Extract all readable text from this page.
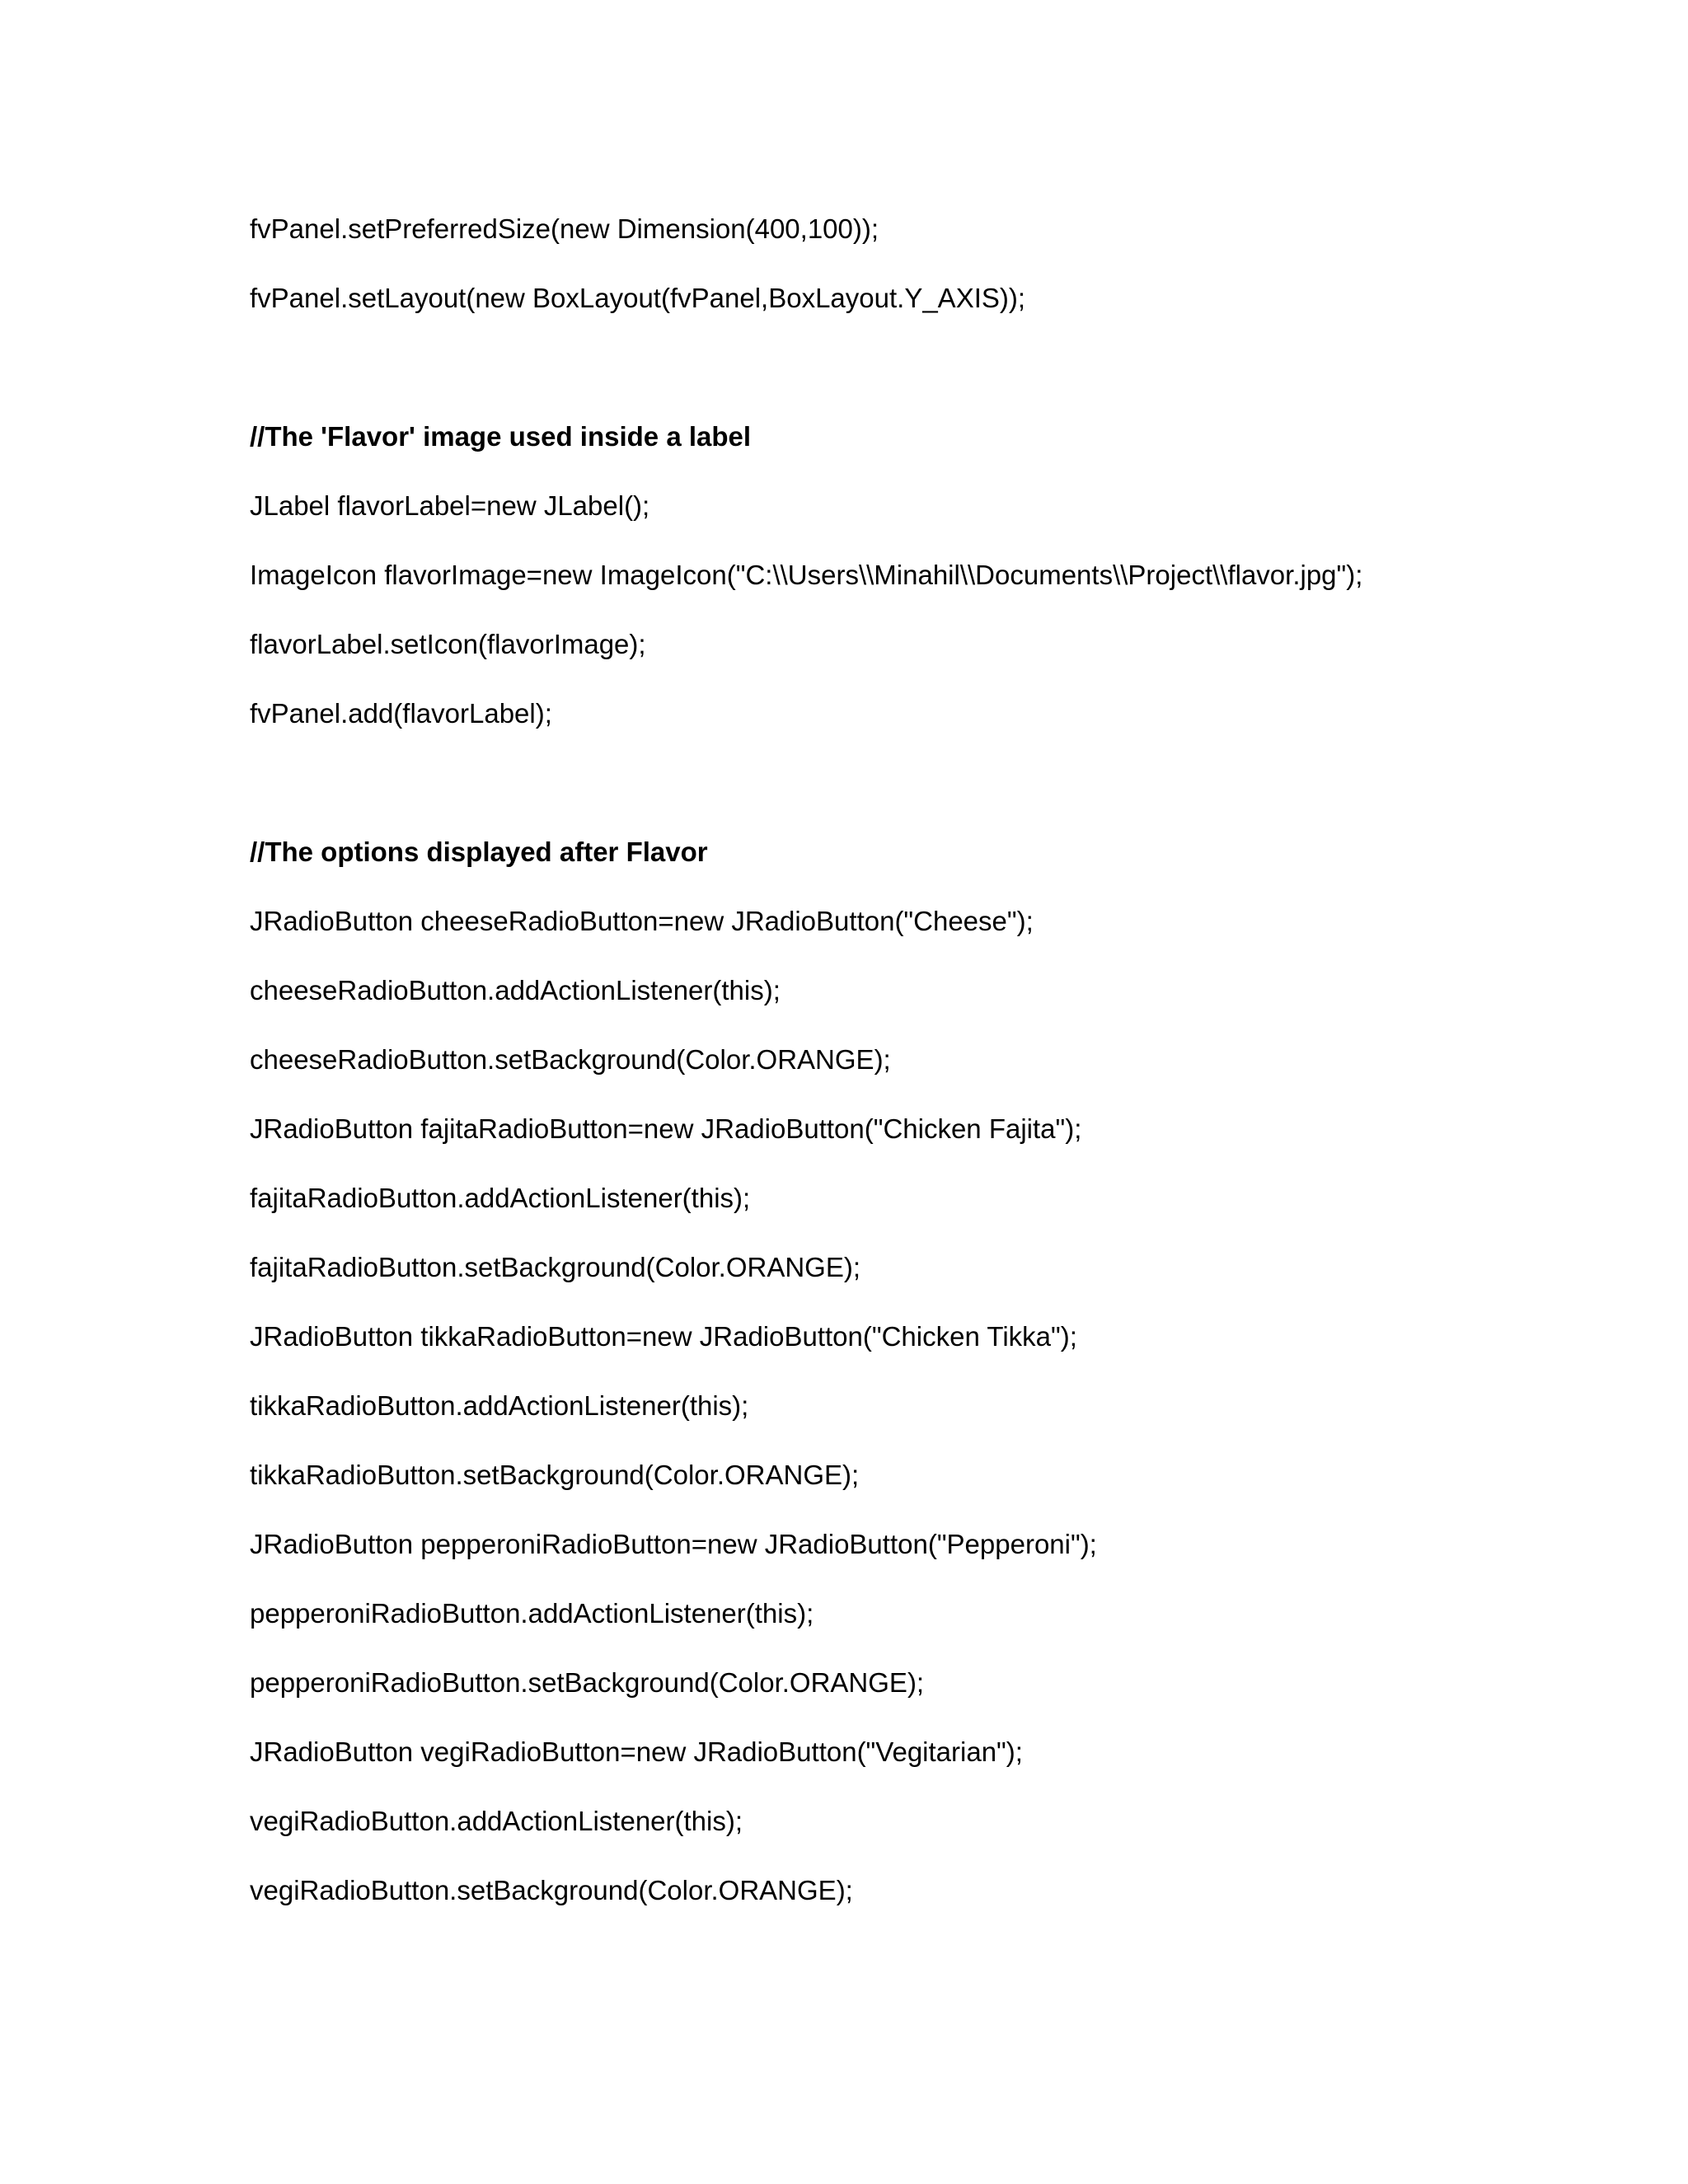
fvPanel.setPreferredSize(new Dimension(400,100));
fvPanel.setLayout(new BoxLayout(fvPanel,BoxLayout.Y_AXIS));
//The 'Flavor' image used inside a label
JLabel flavorLabel=new JLabel();
ImageIcon flavorImage=new ImageIcon("C:\\Users\\Minahil\\Documents\\Project\\flavor.jpg");
flavorLabel.setIcon(flavorImage);
fvPanel.add(flavorLabel);
//The options displayed after Flavor
JRadioButton cheeseRadioButton=new JRadioButton("Cheese");
cheeseRadioButton.addActionListener(this);
cheeseRadioButton.setBackground(Color.ORANGE);
JRadioButton fajitaRadioButton=new JRadioButton("Chicken Fajita");
fajitaRadioButton.addActionListener(this);
fajitaRadioButton.setBackground(Color.ORANGE);
JRadioButton tikkaRadioButton=new JRadioButton("Chicken Tikka");
tikkaRadioButton.addActionListener(this);
tikkaRadioButton.setBackground(Color.ORANGE);
JRadioButton pepperoniRadioButton=new JRadioButton("Pepperoni");
pepperoniRadioButton.addActionListener(this);
pepperoniRadioButton.setBackground(Color.ORANGE);
JRadioButton vegiRadioButton=new JRadioButton("Vegitarian");
vegiRadioButton.addActionListener(this);
vegiRadioButton.setBackground(Color.ORANGE);
